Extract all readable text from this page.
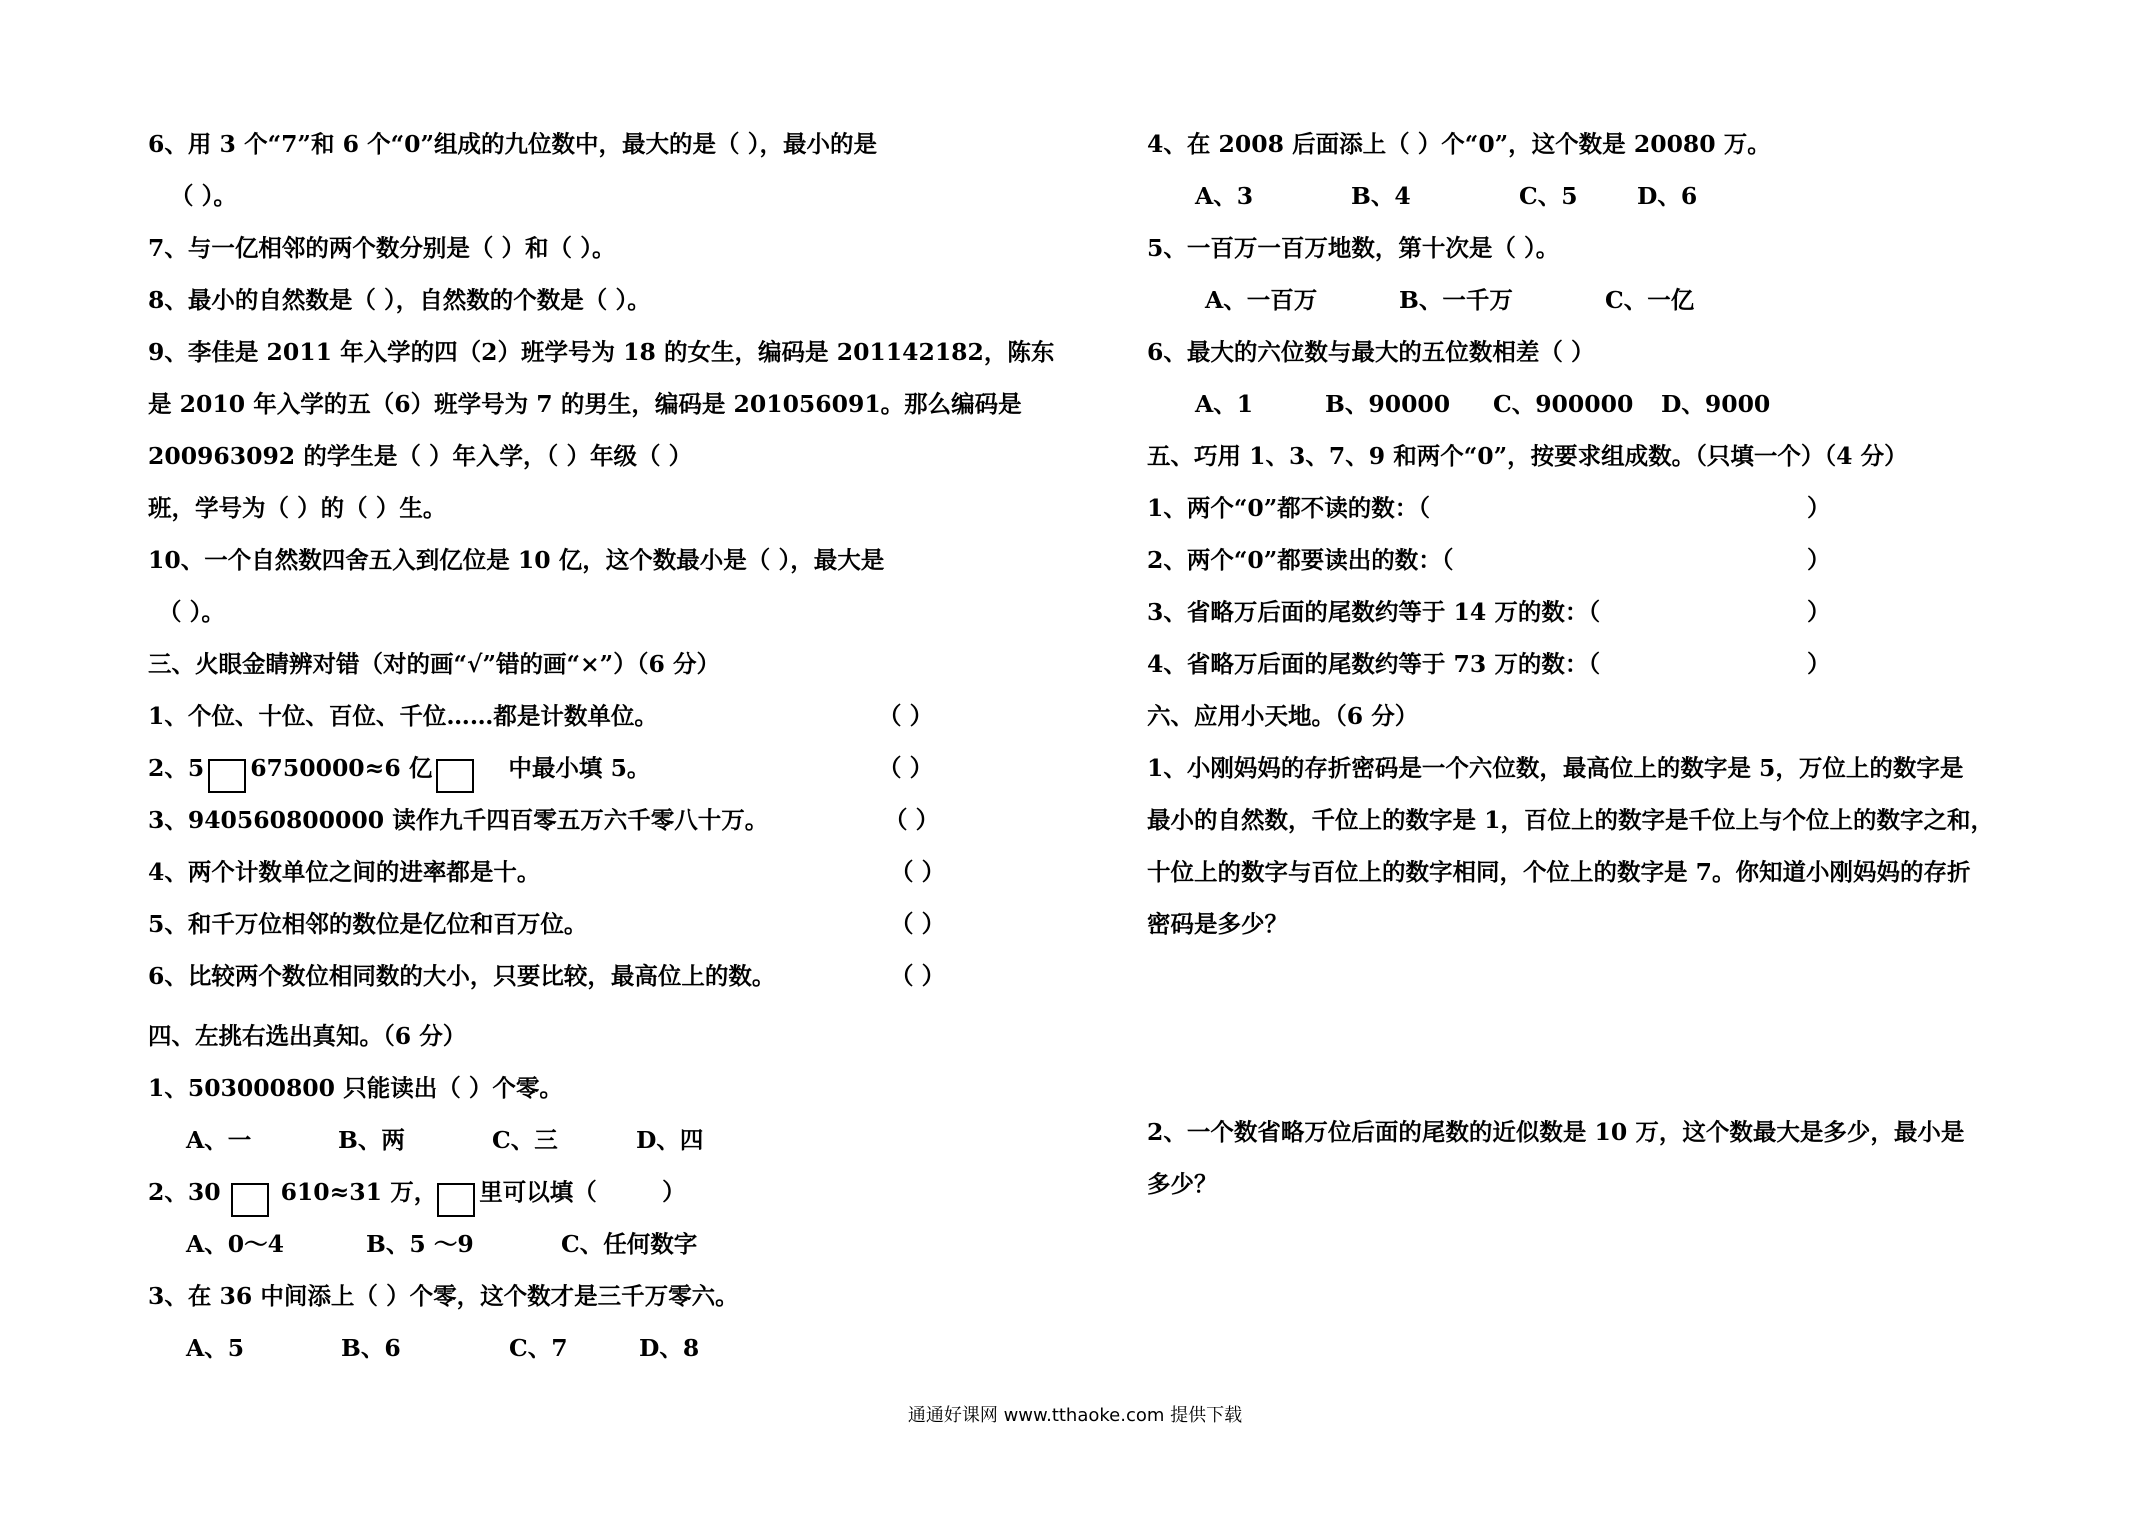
6、用 3 个“7”和 6 个“0”组成的九位数中，最大的是（ ），最小的是
（ ）。
7、与一亿相邻的两个数分别是（ ）和（ ）。
8、最小的自然数是（ ），自然数的个数是（ ）。
9、李佳是 2011 年入学的四（2）班学号为 18 的女生，编码是 201142182，陈东
是 2010 年入学的五（6）班学号为 7 的男生，编码是 201056091。那么编码是
200963092 的学生是（ ）年入学，（ ）年级（ ）
班，学号为（ ）的（ ）生。
10、一个自然数四舍五入到亿位是 10 亿，这个数最小是（ ），最大是
（ ）。
三、火眼金睛辨对错（对的画“√”错的画“×”）（6 分）
1、个位、十位、百位、千位……都是计数单位。	（ ）
2、5 6750000≈6 亿	中最小填 5。	（ ）
3、940560800000 读作九千四百零五万六千零八十万。	（ ）
4、两个计数单位之间的进率都是十。	（ ）
5、和千万位相邻的数位是亿位和百万位。	（ ）
6、比较两个数位相同数的大小，只要比较，最高位上的数。	（ ）
四、左挑右选出真知。（6 分）
1、503000800 只能读出（ ）个零。
A、一	B、两	C、三	D、四
2、30	610≈31 万， 里可以填（        ）
A、0～4	B、5 ～9	C、任何数字
3、在 36 中间添上（ ）个零，这个数才是三千万零六。
A、5	B、6	C、7	D、8
4、在 2008 后面添上（ ）个“0”，这个数是 20080 万。
A、3	B、4	C、5	D、6
5、一百万一百万地数，第十次是（ ）。
A、一百万	B、一千万	C、一亿
6、最大的六位数与最大的五位数相差（ ）
A、1	B、90000	C、900000	D、9000
五、巧用 1、3、7、9 和两个“0”，按要求组成数。（只填一个）（4 分）
1、两个“0”都不读的数：（	）
2、两个“0”都要读出的数：（	）
3、省略万后面的尾数约等于 14 万的数：（	）
4、省略万后面的尾数约等于 73 万的数：（	）
六、应用小天地。（6 分）
1、小刚妈妈的存折密码是一个六位数，最高位上的数字是 5，万位上的数字是
最小的自然数，千位上的数字是 1，百位上的数字是千位上与个位上的数字之和，
十位上的数字与百位上的数字相同，个位上的数字是 7。你知道小刚妈妈的存折
密码是多少？
2、一个数省略万位后面的尾数的近似数是 10 万，这个数最大是多少，最小是
多少？
通通好课网 www.tthaoke.com 提供下载
